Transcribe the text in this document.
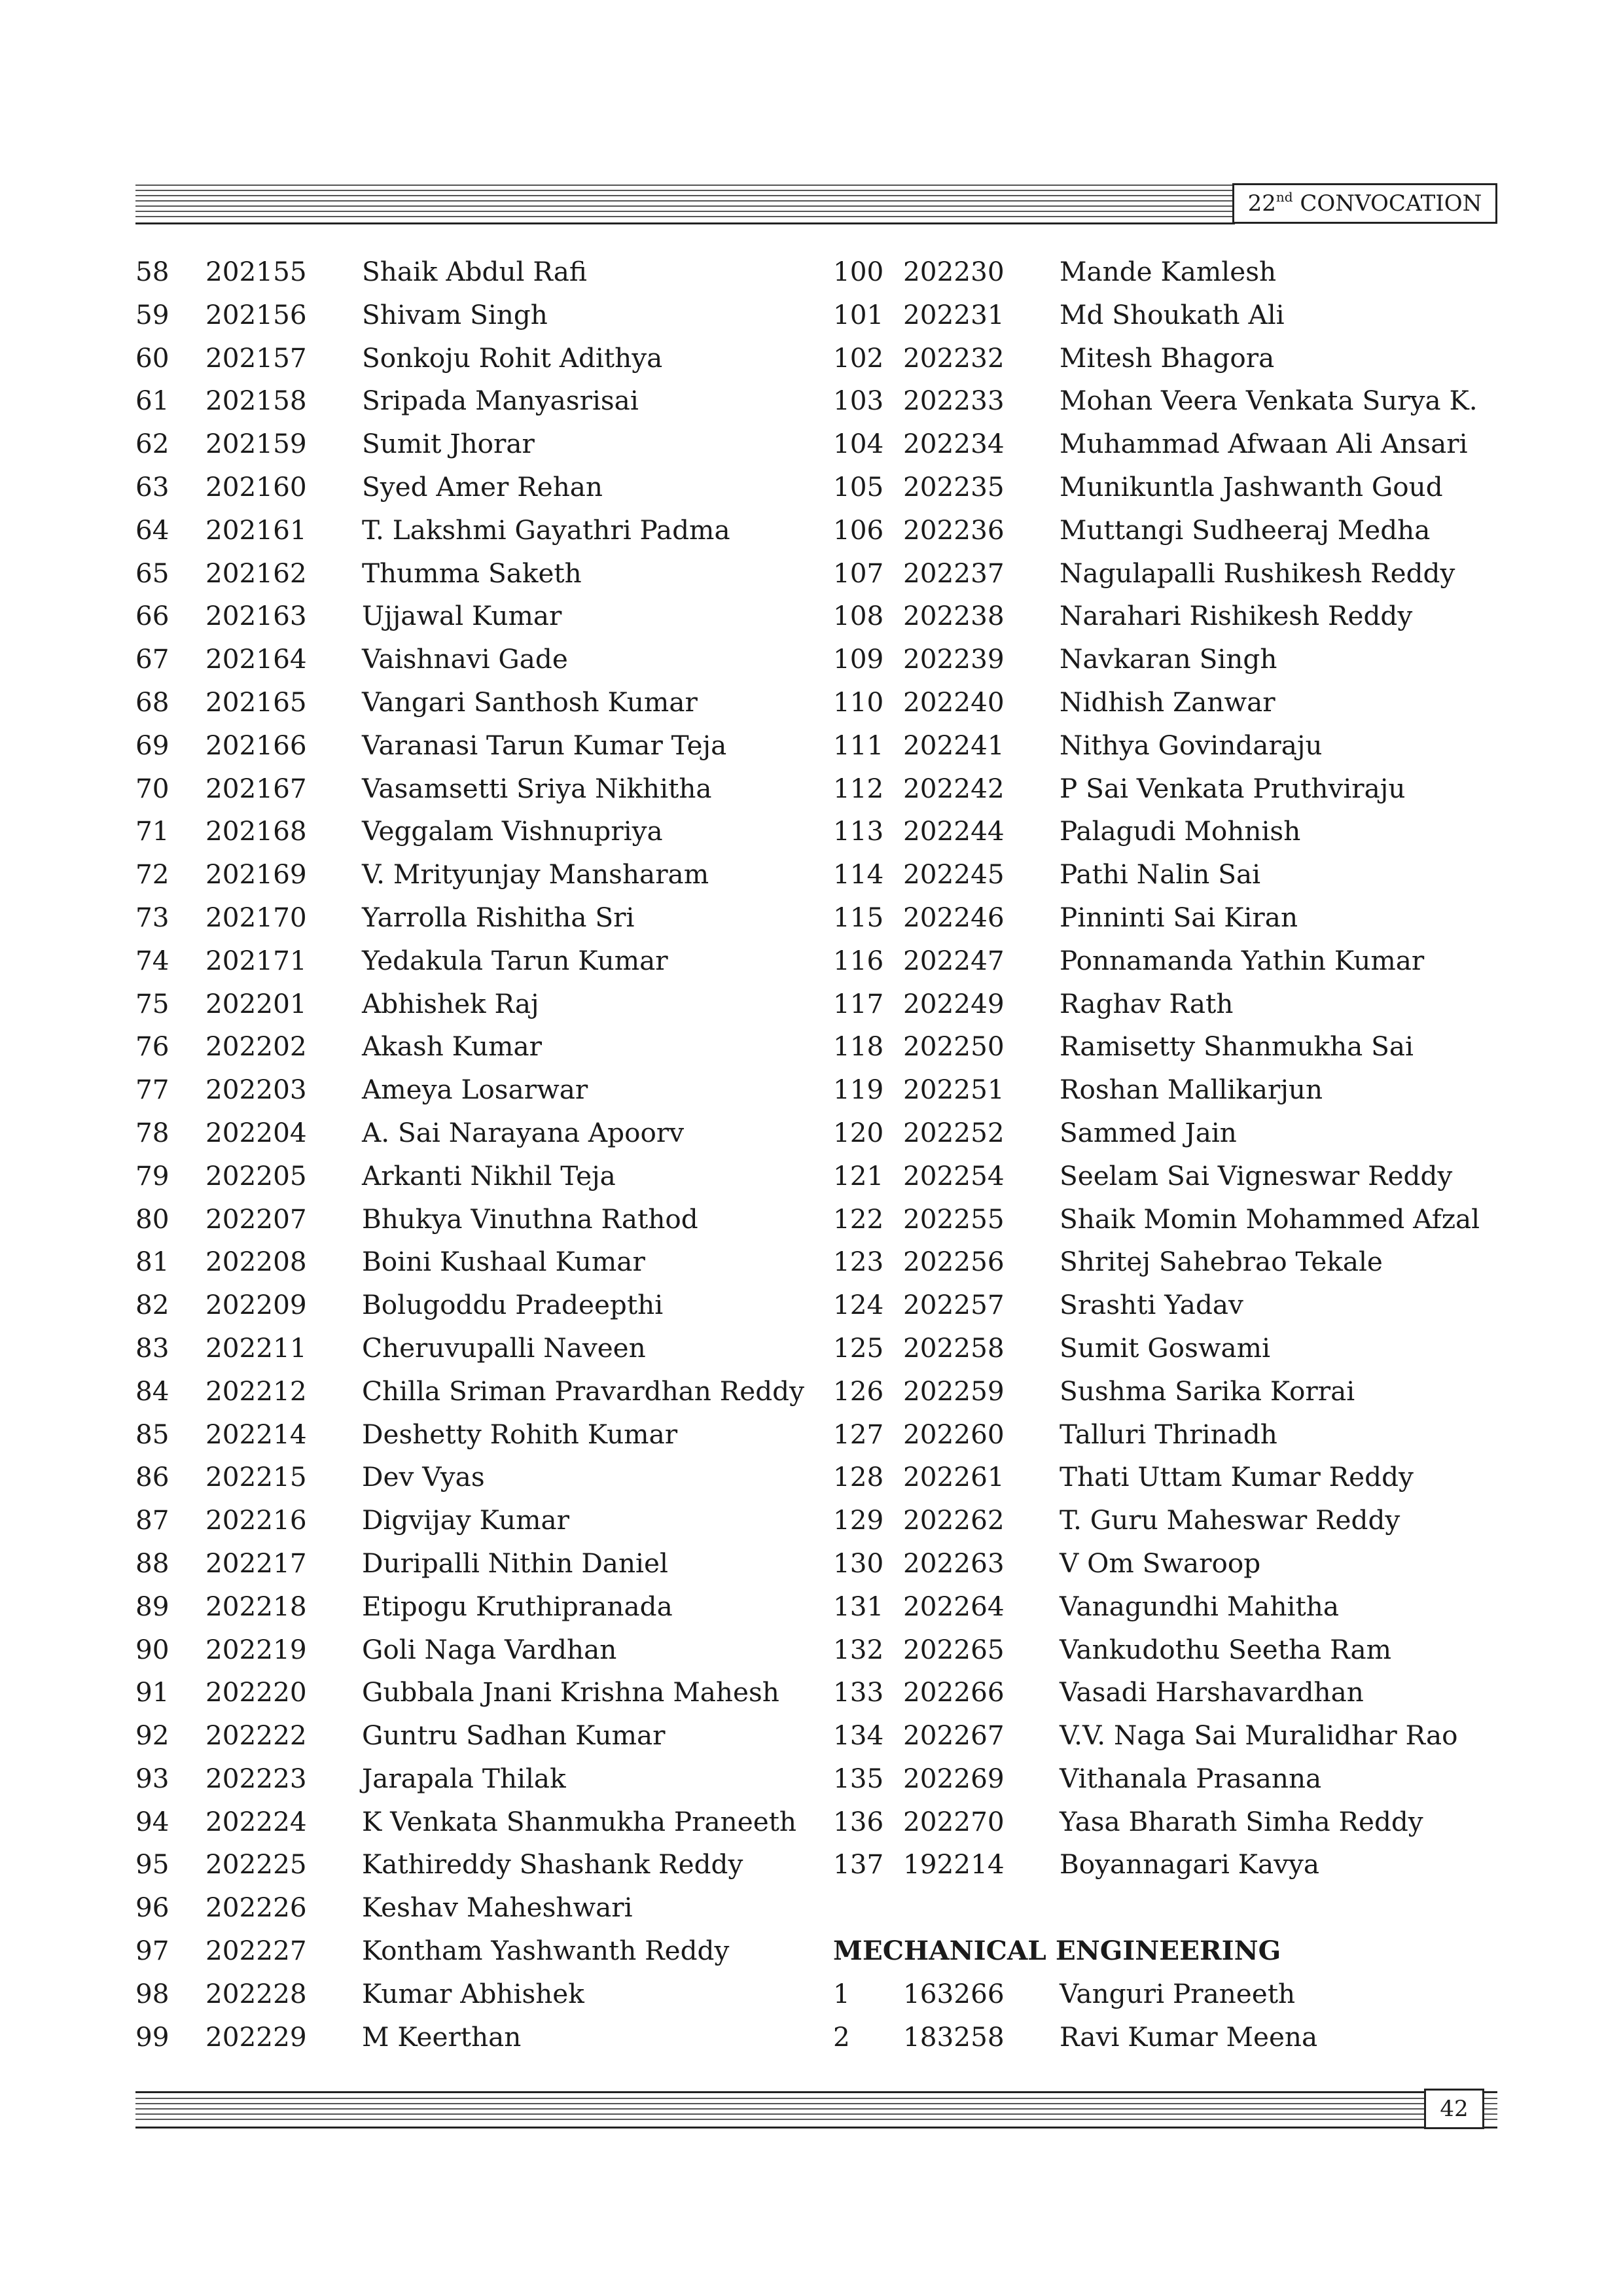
22nd
CONVOCATION
58 202155 Shaik Abdul Rafi
59 202156 Shivam Singh
60 202157 Sonkoju Rohit Adithya
61 202158 Sripada Manyasrisai
62 202159 Sumit Jhorar
63 202160 Syed Amer Rehan
64 202161 T. Lakshmi Gayathri Padma
65 202162 Thumma Saketh
66 202163 Ujjawal Kumar
67 202164 Vaishnavi Gade
68 202165 Vangari Santhosh Kumar
69 202166 Varanasi Tarun Kumar Teja
70 202167 Vasamsetti Sriya Nikhitha
71 202168 Veggalam Vishnupriya
72 202169 V. Mrityunjay Mansharam
73 202170 Yarrolla Rishitha Sri
74 202171 Yedakula Tarun Kumar
75 202201 Abhishek Raj
76 202202 Akash Kumar
77 202203 Ameya Losarwar
78 202204 A. Sai Narayana Apoorv
79 202205 Arkanti Nikhil Teja
80 202207 Bhukya Vinuthna Rathod
81 202208 Boini Kushaal Kumar
82 202209 Bolugoddu Pradeepthi
83 202211 Cheruvupalli Naveen
84 202212 Chilla Sriman Pravardhan Reddy
85 202214 Deshetty Rohith Kumar
86 202215 Dev Vyas
87 202216 Digvijay Kumar
88 202217 Duripalli Nithin Daniel
89 202218 Etipogu Kruthipranada
90 202219 Goli Naga Vardhan
91 202220 Gubbala Jnani Krishna Mahesh
92 202222 Guntru Sadhan Kumar
93 202223 Jarapala Thilak
94 202224 K Venkata Shanmukha Praneeth
95 202225 Kathireddy Shashank Reddy
96 202226 Keshav Maheshwari
97 202227 Kontham Yashwanth Reddy
98 202228 Kumar Abhishek
99 202229 M Keerthan
100 202230 Mande Kamlesh
101 202231 Md Shoukath Ali
102 202232 Mitesh Bhagora
103 202233 Mohan Veera Venkata Surya K.
104 202234 Muhammad Afwaan Ali Ansari
105 202235 Munikuntla Jashwanth Goud
106 202236 Muttangi Sudheeraj Medha
107 202237 Nagulapalli Rushikesh Reddy
108 202238 Narahari Rishikesh Reddy
109 202239 Navkaran Singh
110 202240 Nidhish Zanwar
111 202241 Nithya Govindaraju
112 202242 P Sai Venkata Pruthviraju
113 202244 Palagudi Mohnish
114 202245 Pathi Nalin Sai
115 202246 Pinninti Sai Kiran
116 202247 Ponnamanda Yathin Kumar
117 202249 Raghav Rath
118 202250 Ramisetty Shanmukha Sai
119 202251 Roshan Mallikarjun
120 202252 Sammed Jain
121 202254 Seelam Sai Vigneswar Reddy
122 202255 Shaik Momin Mohammed Afzal
123 202256 Shritej Sahebrao Tekale
124 202257 Srashti Yadav
125 202258 Sumit Goswami
126 202259 Sushma Sarika Korrai
127 202260 Talluri Thrinadh
128 202261 Thati Uttam Kumar Reddy
129 202262 T. Guru Maheswar Reddy
130 202263 V Om Swaroop
131 202264 Vanagundhi Mahitha
132 202265 Vankudothu Seetha Ram
133 202266 Vasadi Harshavardhan
134 202267 V.V. Naga Sai Muralidhar Rao
135 202269 Vithanala Prasanna
136 202270 Yasa Bharath Simha Reddy
137 192214 Boyannagari Kavya
MECHANICAL ENGINEERING
1 163266 Vanguri Praneeth
2 183258 Ravi Kumar Meena
42
